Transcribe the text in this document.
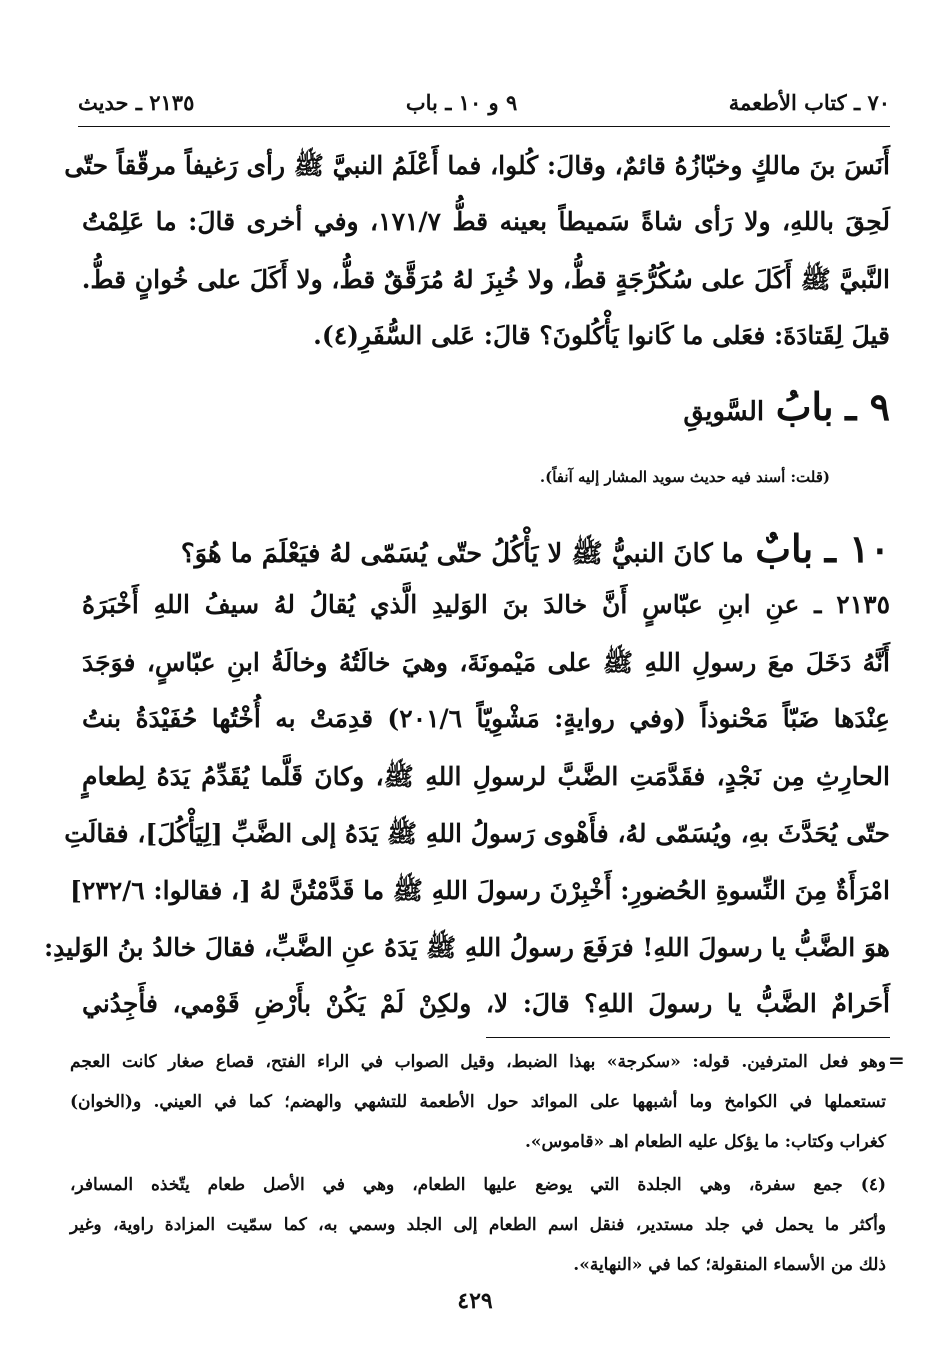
٧٠ ـ كتاب الأطعمة
٩ و ١٠ ـ باب
٢١٣٥ ـ حديث
أَنَسَ بنَ مالكٍ وخبّازُهُ قائمٌ، وقالَ: كُلوا، فما أَعْلَمُ النبيَّ ﷺ رأى رَغيفاً مرقّقاً حتّى
لَحِقَ باللهِ، ولا رَأى شاةً سَميطاً بعينه قطُّ ١٧١/٧، وفي أخرى قالَ: ما عَلِمْتُ
النَّبيَّ ﷺ أَكَلَ على سُكُرُّجَةٍ قطُّ، ولا خُبِزَ لهُ مُرَقَّقٌ قطُّ، ولا أَكَلَ على خُوانٍ قطُّ.
قيلَ لِقَتادَةَ: فعَلى ما كَانوا يَأْكُلونَ؟ قالَ: عَلى السُّفَرِ(٤).
٩ ـ بابُ السَّويقِ
(قلت: أسند فيه حديث سويد المشار إليه آنفاً).
١٠ ـ بابٌ ما كانَ النبيُّ ﷺ لا يَأْكُلُ حتّى يُسَمّى لهُ فيَعْلَمَ ما هُوَ؟
٢١٣٥ ـ عنِ ابنِ عبّاسٍ أَنَّ خالدَ بنَ الوَليدِ الَّذي يُقالُ لهُ سيفُ اللهِ أَخْبَرَهُ
أَنَّهُ دَخَلَ معَ رسولِ اللهِ ﷺ على مَيْمونَةَ، وهيَ خالَتُهُ وخالَةُ ابنِ عبّاسٍ، فوَجَدَ
عِنْدَها ضَبّاً مَحْنوذاً (وفي روايةٍ: مَشْوِيّاً ٢٠١/٦) قدِمَتْ به أُخْتُها حُفَيْدَةُ بنتُ
الحارِثِ مِن نَجْدٍ، فقَدَّمَتِ الضَّبَّ لرسولِ اللهِ ﷺ، وكانَ قَلَّما يُقَدِّمُ يَدَهُ لِطعامٍ
حتّى يُحَدَّثَ بهِ، ويُسَمّى لهُ، فأَهْوى رَسولُ اللهِ ﷺ يَدَهُ إلى الضَّبِّ [لِيَأْكُلَ]، فقالَتِ
امْرَأَةٌ مِنَ النِّسوةِ الحُضورِ: أَخْبِرْنَ رسولَ اللهِ ﷺ ما قَدَّمْتُنَّ لهُ [، فقالوا: ٢٣٢/٦]
هوَ الضَّبُّ يا رسولَ اللهِ! فرَفَعَ رسولُ اللهِ ﷺ يَدَهُ عنِ الضَّبِّ، فقالَ خالدُ بنُ الوَليدِ:
أَحَرامٌ الضَّبُّ يا رسولَ اللهِ؟ قالَ: لا، ولكِنْ لَمْ يَكُنْ بأَرْضِ قَوْمي، فأَجِدُني
=
وهو فعل المترفين. قوله: «سكرجة» بهذا الضبط، وقيل الصواب في الراء الفتح، قصاع صغار كانت العجم
تستعملها في الكوامخ وما أشبهها على الموائد حول الأطعمة للتشهي والهضم؛ كما في العيني. و(الخوان)
كغراب وكتاب: ما يؤكل عليه الطعام اهـ «قاموس».
(٤) جمع سفرة، وهي الجلدة التي يوضع عليها الطعام، وهي في الأصل طعام يتّخذه المسافر،
وأكثر ما يحمل في جلد مستدير، فنقل اسم الطعام إلى الجلد وسمي به، كما سمّيت المزادة راوية، وغير
ذلك من الأسماء المنقولة؛ كما في «النهاية».
٤٢٩
